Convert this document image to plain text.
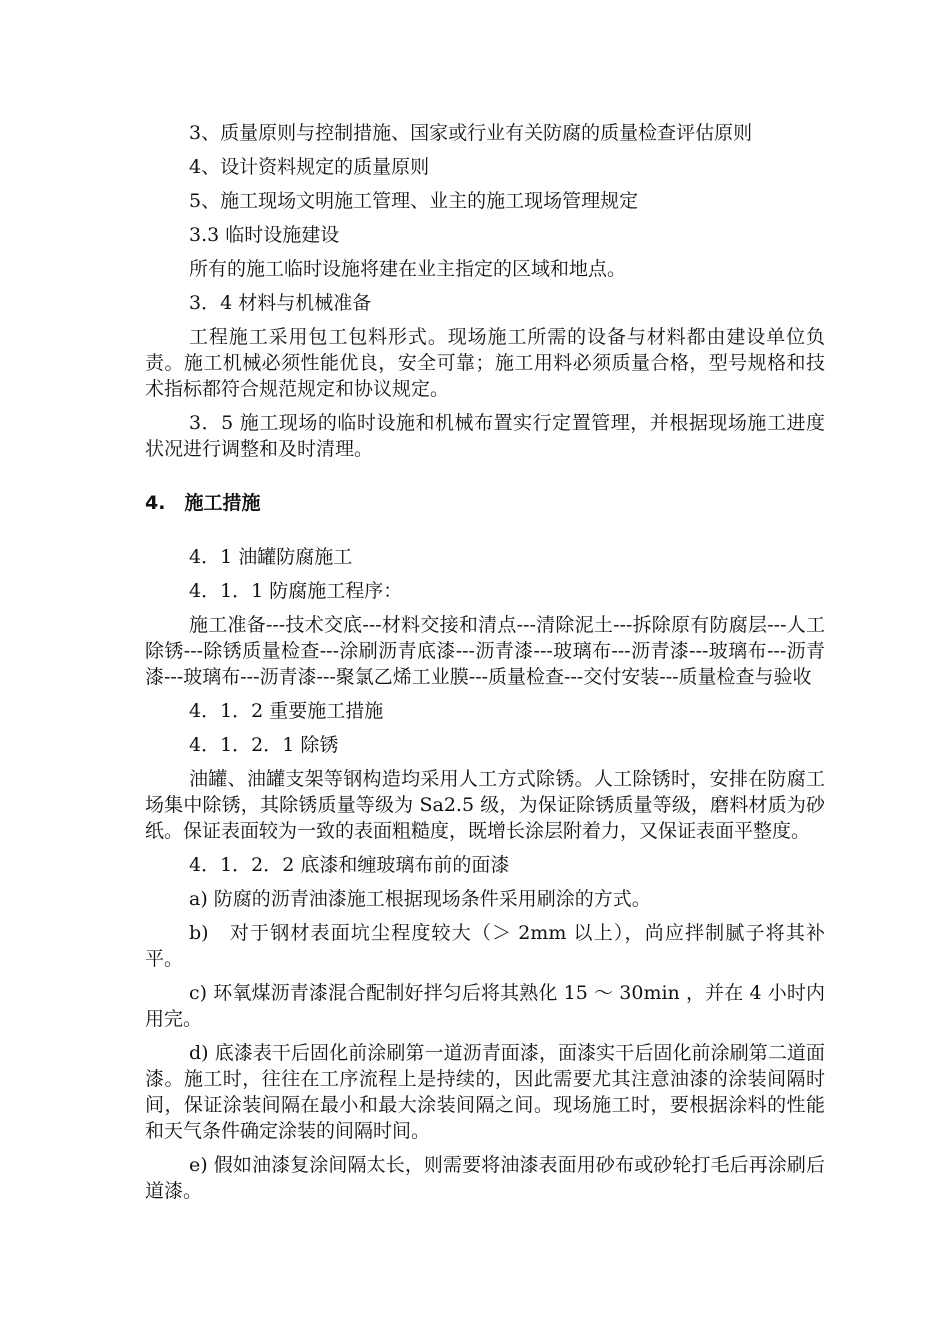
3、质量原则与控制措施、国家或行业有关防腐的质量检查评估原则

4、设计资料规定的质量原则

5、施工现场文明施工管理、业主的施工现场管理规定

3.3 临时设施建设

所有的施工临时设施将建在业主指定的区域和地点。

3．4 材料与机械准备

工程施工采用包工包料形式。现场施工所需的设备与材料都由建设单位负责。施工机械必须性能优良，安全可靠；施工用料必须质量合格，型号规格和技术指标都符合规范规定和协议规定。

3．5 施工现场的临时设施和机械布置实行定置管理，并根据现场施工进度状况进行调整和及时清理。

4.　施工措施

4．1 油罐防腐施工

4．1．1 防腐施工程序：

施工准备---技术交底---材料交接和清点---清除泥土---拆除原有防腐层---人工除锈---除锈质量检查---涂刷沥青底漆---沥青漆---玻璃布---沥青漆---玻璃布---沥青漆---玻璃布---沥青漆---聚氯乙烯工业膜---质量检查---交付安装---质量检查与验收

4．1．2 重要施工措施

4．1．2．1 除锈

油罐、油罐支架等钢构造均采用人工方式除锈。人工除锈时，安排在防腐工场集中除锈，其除锈质量等级为 Sa2.5 级，为保证除锈质量等级，磨料材质为砂纸。保证表面较为一致的表面粗糙度，既增长涂层附着力，又保证表面平整度。

4．1．2．2 底漆和缠玻璃布前的面漆

a) 防腐的沥青油漆施工根据现场条件采用刷涂的方式。

b)　对于钢材表面坑尘程度较大（＞ 2mm 以上），尚应拌制腻子将其补平。

c) 环氧煤沥青漆混合配制好拌匀后将其熟化 15 ～ 30min ，并在 4 小时内用完。

d) 底漆表干后固化前涂刷第一道沥青面漆，面漆实干后固化前涂刷第二道面漆。施工时，往往在工序流程上是持续的，因此需要尤其注意油漆的涂装间隔时间，保证涂装间隔在最小和最大涂装间隔之间。现场施工时，要根据涂料的性能和天气条件确定涂装的间隔时间。

e) 假如油漆复涂间隔太长，则需要将油漆表面用砂布或砂轮打毛后再涂刷后道漆。
